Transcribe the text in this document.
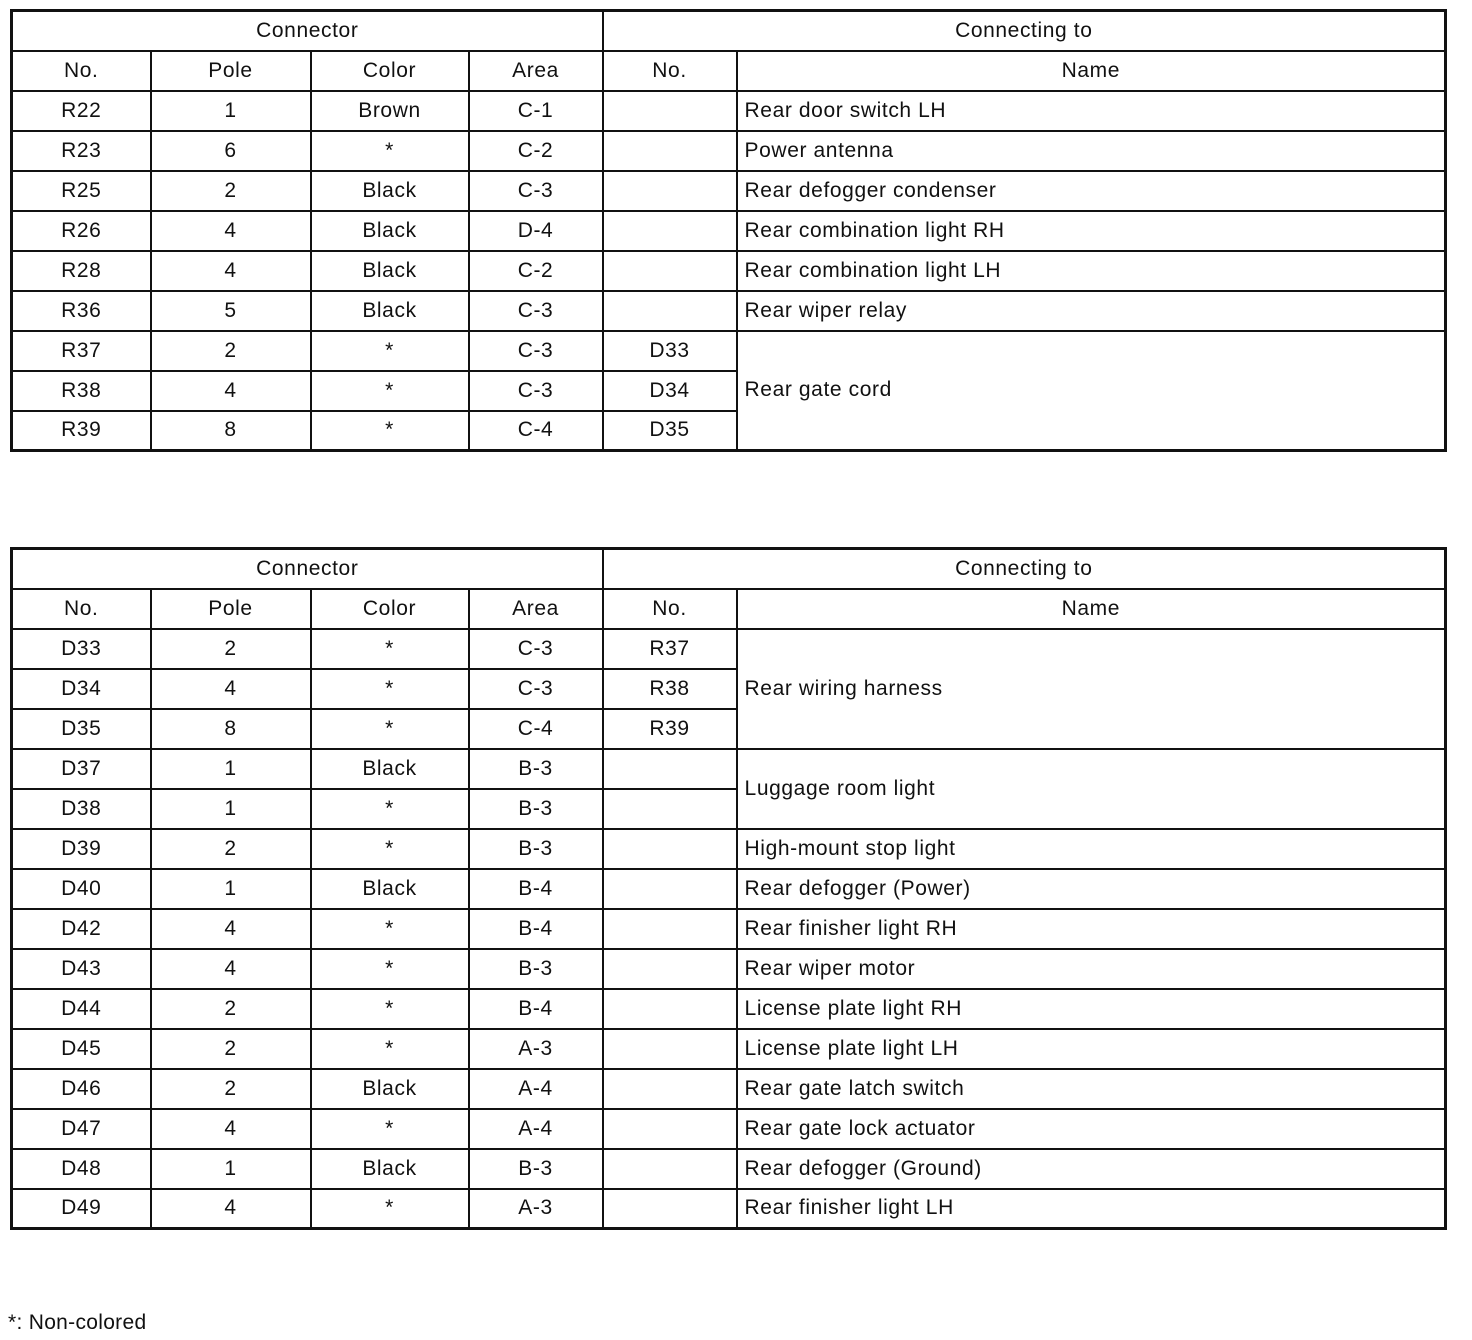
Connector				Connecting to	
No.	Pole	Color	Area	No.	Name
R22	1	Brown	C-1		Rear door switch LH
R23	6	*	C-2		Power antenna
R25	2	Black	C-3		Rear defogger condenser
R26	4	Black	D-4		Rear combination light RH
R28	4	Black	C-2		Rear combination light LH
R36	5	Black	C-3		Rear wiper relay
R37	2	*	C-3	D33	Rear gate cord
R38	4	*	C-3	D34	
R39	8	*	C-4	D35	
Connector				Connecting to	
No.	Pole	Color	Area	No.	Name
D33	2	*	C-3	R37	Rear wiring harness
D34	4	*	C-3	R38	
D35	8	*	C-4	R39	
D37	1	Black	B-3		Luggage room light
D38	1	*	B-3		
D39	2	*	B-3		High-mount stop light
D40	1	Black	B-4		Rear defogger (Power)
D42	4	*	B-4		Rear finisher light RH
D43	4	*	B-3		Rear wiper motor
D44	2	*	B-4		License plate light RH
D45	2	*	A-3		License plate light LH
D46	2	Black	A-4		Rear gate latch switch
D47	4	*	A-4		Rear gate lock actuator
D48	1	Black	B-3		Rear defogger (Ground)
D49	4	*	A-3		Rear finisher light LH
*: Non-colored
